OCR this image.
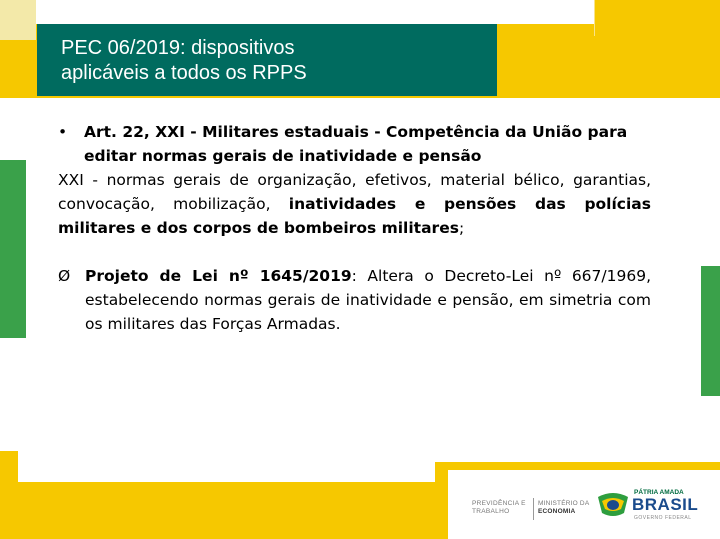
PEC 06/2019: dispositivos
aplicáveis a todos os RPPS
•	Art. 22, XXI - Militares estaduais - Competência da União para editar normas gerais de inatividade e pensão
XXI - normas gerais de organização, efetivos, material bélico, garantias, convocação, mobilização, inatividades e pensões das polícias militares e dos corpos de bombeiros militares;
Ø Projeto de Lei nº 1645/2019: Altera o Decreto-Lei nº 667/1969, estabelecendo normas gerais de inatividade e pensão, em simetria com os militares das Forças Armadas.
PREVIDÊNCIA E
TRABALHO
MINISTÉRIO DA
ECONOMIA
PÁTRIA AMADA
BRASIL
GOVERNO FEDERAL
